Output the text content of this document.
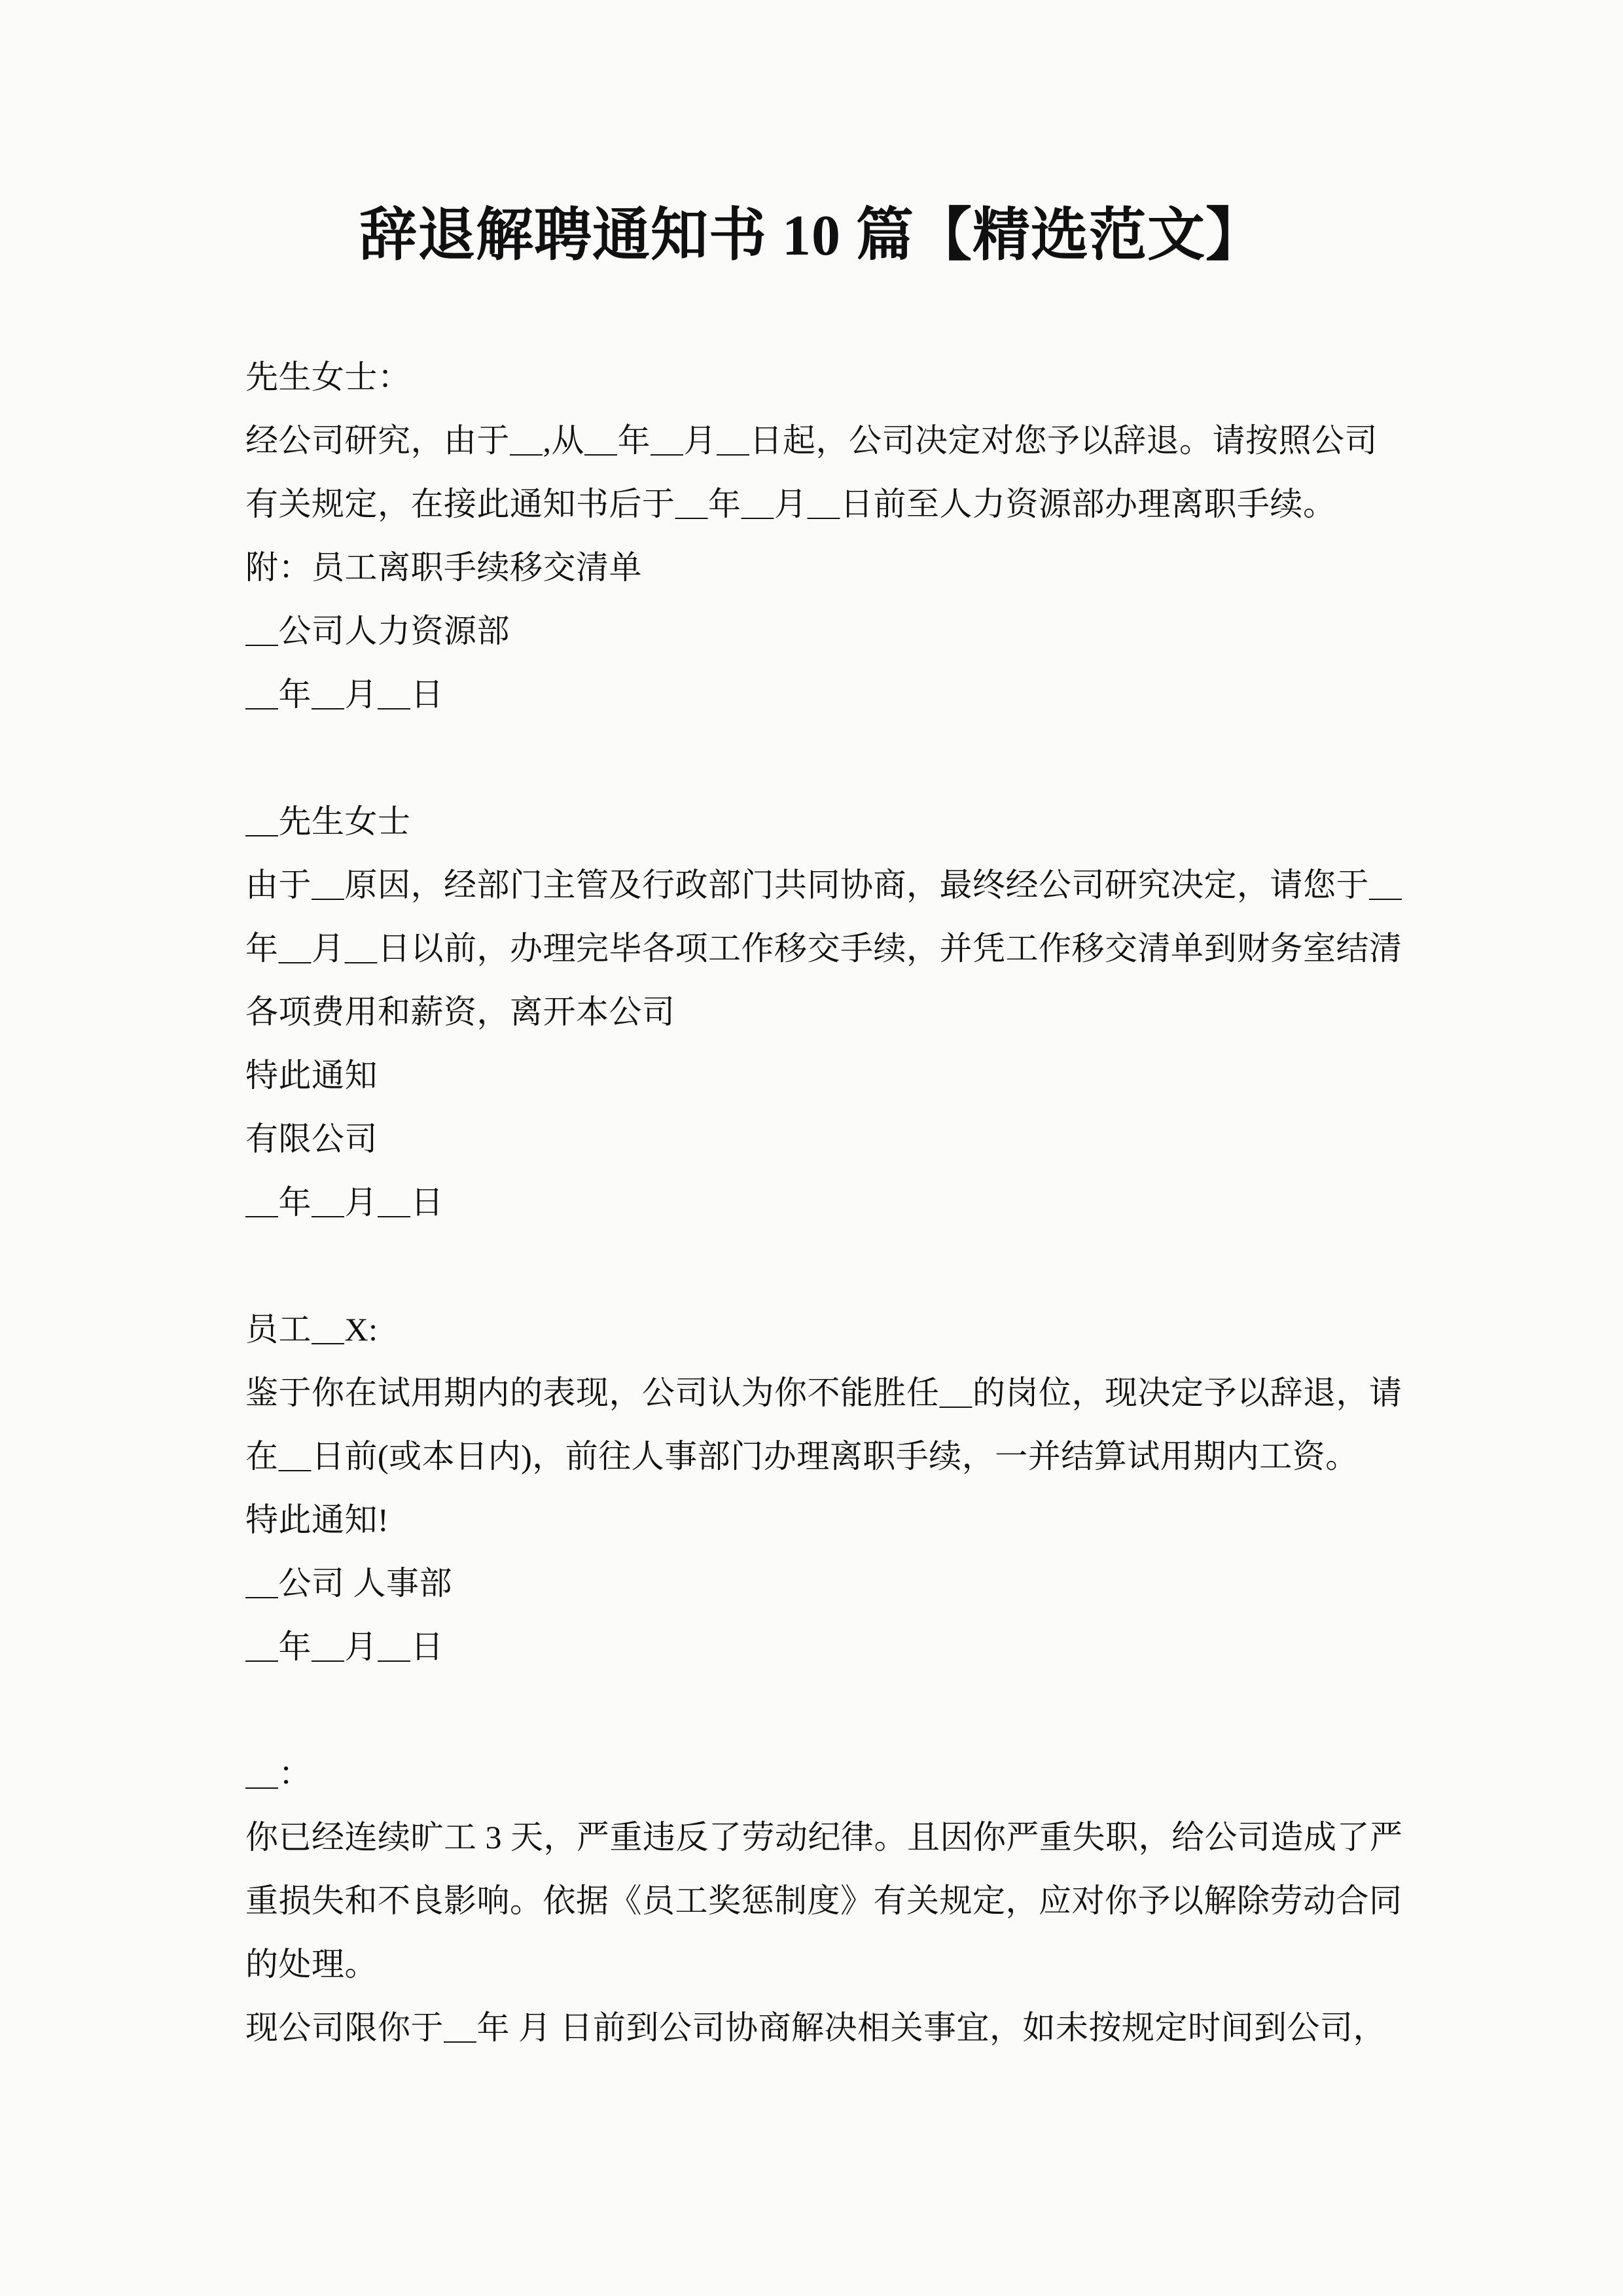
辞退解聘通知书 10 篇【精选范文】
先生女士：
经公司研究，由于＿,从＿年＿月＿日起，公司决定对您予以辞退。请按照公司
有关规定，在接此通知书后于＿年＿月＿日前至人力资源部办理离职手续。
附：员工离职手续移交清单
＿公司人力资源部
＿年＿月＿日
＿先生女士
由于＿原因，经部门主管及行政部门共同协商，最终经公司研究决定，请您于＿
年＿月＿日以前，办理完毕各项工作移交手续，并凭工作移交清单到财务室结清
各项费用和薪资，离开本公司
特此通知
有限公司
＿年＿月＿日
员工＿X:
鉴于你在试用期内的表现，公司认为你不能胜任＿的岗位，现决定予以辞退，请
在＿日前(或本日内)，前往人事部门办理离职手续，一并结算试用期内工资。
特此通知!
＿公司 人事部
＿年＿月＿日
＿：
你已经连续旷工 3 天，严重违反了劳动纪律。且因你严重失职，给公司造成了严
重损失和不良影响。依据《员工奖惩制度》有关规定，应对你予以解除劳动合同
的处理。
现公司限你于＿年 月 日前到公司协商解决相关事宜，如未按规定时间到公司，
